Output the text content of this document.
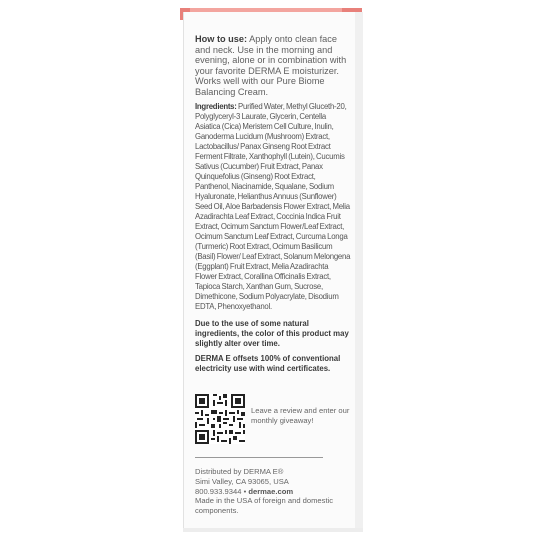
How to use: Apply onto clean face and neck. Use in the morning and evening, alone or in combination with your favorite DERMA E moisturizer. Works well with our Pure Biome Balancing Cream.

Ingredients: Purified Water, Methyl Gluceth-20, Polyglyceryl-3 Laurate, Glycerin, Centella Asiatica (Cica) Meristem Cell Culture, Inulin, Ganoderma Lucidum (Mushroom) Extract, Lactobacillus/ Panax Ginseng Root Extract Ferment Filtrate, Xanthophyll (Lutein), Cucumis Sativus (Cucumber) Fruit Extract, Panax Quinquefolius (Ginseng) Root Extract, Panthenol, Niacinamide, Squalane, Sodium Hyaluronate, Helianthus Annuus (Sunflower) Seed Oil, Aloe Barbadensis Flower Extract, Melia Azadirachta Leaf Extract, Coccinia Indica Fruit Extract, Ocimum Sanctum Flower/Leaf Extract, Ocimum Sanctum Leaf Extract, Curcuma Longa (Turmeric) Root Extract, Ocimum Basilicum (Basil) Flower/ Leaf Extract, Solanum Melongena (Eggplant) Fruit Extract, Melia Azadirachta Flower Extract, Corallina Officinalis Extract, Tapioca Starch, Xanthan Gum, Sucrose, Dimethicone, Sodium Polyacrylate, Disodium EDTA, Phenoxyethanol.

Due to the use of some natural ingredients, the color of this product may slightly alter over time.

DERMA E offsets 100% of conventional electricity use with wind certificates.

Leave a review and enter our monthly giveaway!
Distributed by DERMA E®
Simi Valley, CA 93065, USA
800.933.9344 • dermae.com
Made in the USA of foreign and domestic components.
